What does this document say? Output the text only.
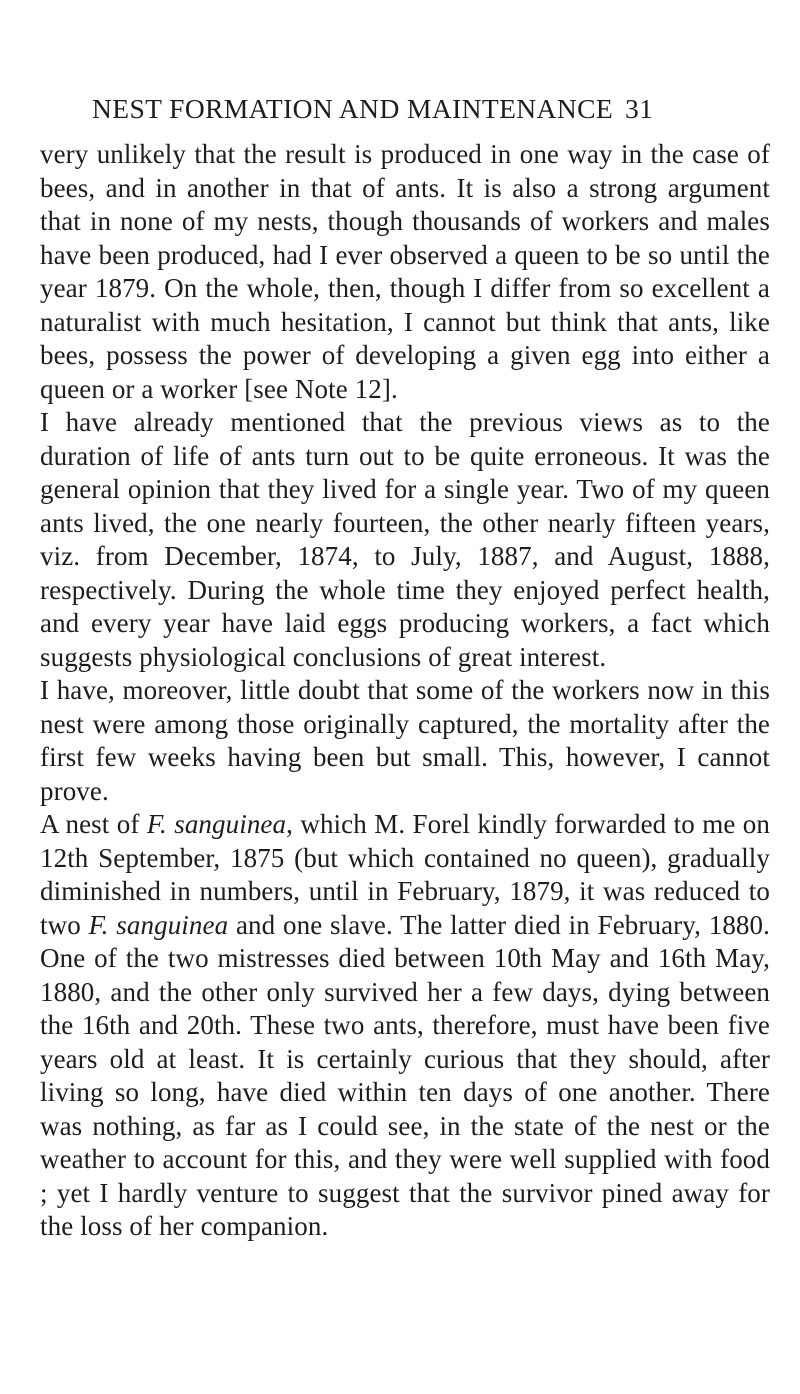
NEST FORMATION AND MAINTENANCE 31

very unlikely that the result is produced in one way in the case of bees, and in another in that of ants. It is also a strong argument that in none of my nests, though thousands of workers and males have been produced, had I ever observed a queen to be so until the year 1879. On the whole, then, though I differ from so excellent a naturalist with much hesitation, I cannot but think that ants, like bees, possess the power of developing a given egg into either a queen or a worker [see Note 12].

I have already mentioned that the previous views as to the duration of life of ants turn out to be quite erroneous. It was the general opinion that they lived for a single year. Two of my queen ants lived, the one nearly fourteen, the other nearly fifteen years, viz. from December, 1874, to July, 1887, and August, 1888, respectively. During the whole time they enjoyed perfect health, and every year have laid eggs producing workers, a fact which suggests physiological conclusions of great interest.

I have, moreover, little doubt that some of the workers now in this nest were among those originally captured, the mortality after the first few weeks having been but small. This, however, I cannot prove.

A nest of F. sanguinea, which M. Forel kindly forwarded to me on 12th September, 1875 (but which contained no queen), gradually diminished in numbers, until in February, 1879, it was reduced to two F. sanguinea and one slave. The latter died in February, 1880. One of the two mistresses died between 10th May and 16th May, 1880, and the other only survived her a few days, dying between the 16th and 20th. These two ants, therefore, must have been five years old at least. It is certainly curious that they should, after living so long, have died within ten days of one another. There was nothing, as far as I could see, in the state of the nest or the weather to account for this, and they were well supplied with food ; yet I hardly venture to suggest that the survivor pined away for the loss of her companion.
